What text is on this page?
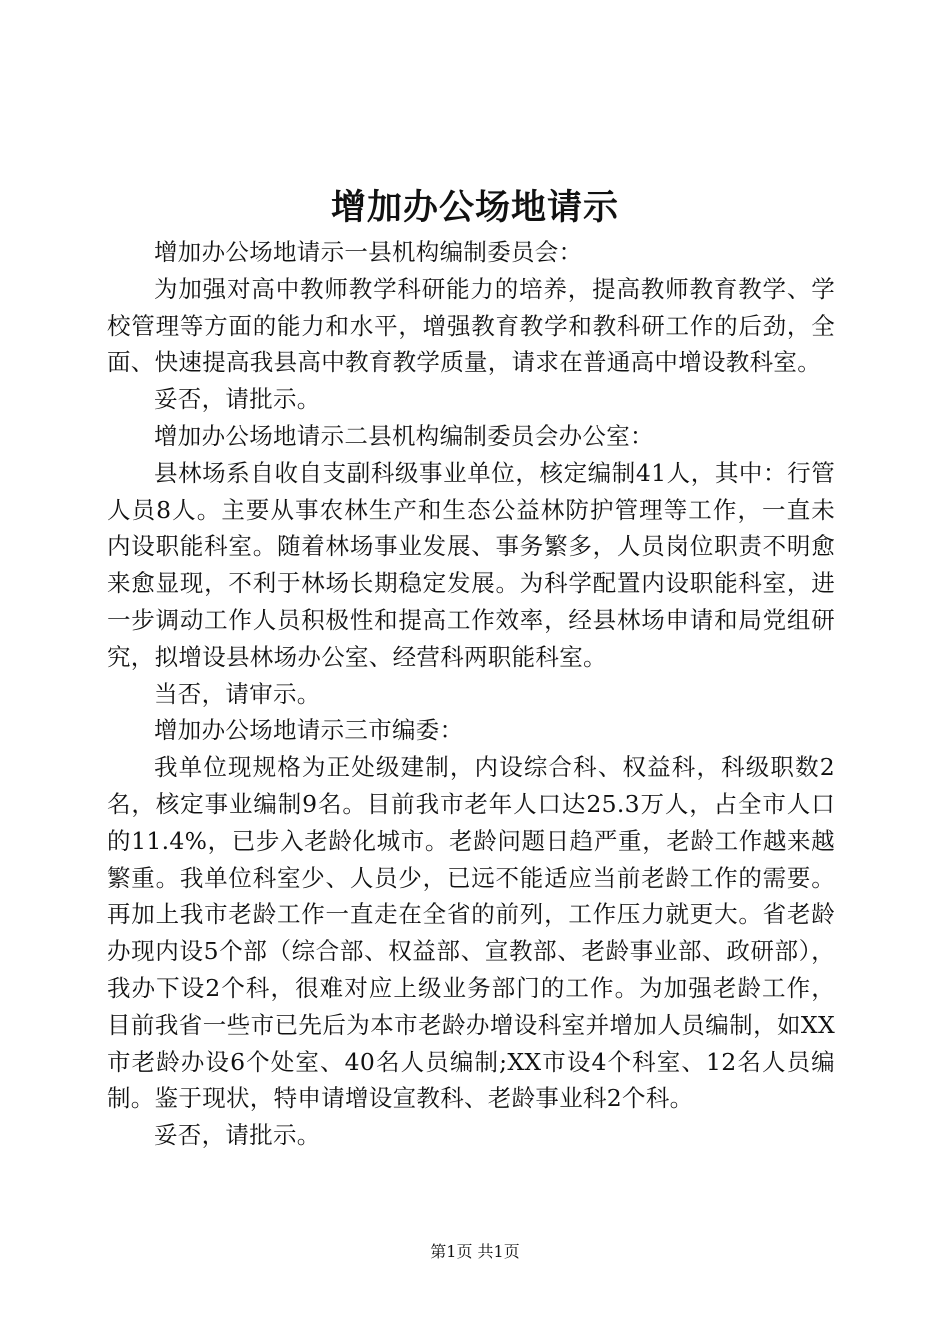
增加办公场地请示

增加办公场地请示一县机构编制委员会：

为加强对高中教师教学科研能力的培养，提高教师教育教学、学校管理等方面的能力和水平，增强教育教学和教科研工作的后劲，全面、快速提高我县高中教育教学质量，请求在普通高中增设教科室。

妥否，请批示。

增加办公场地请示二县机构编制委员会办公室：

县林场系自收自支副科级事业单位，核定编制41人，其中：行管人员8人。主要从事农林生产和生态公益林防护管理等工作，一直未内设职能科室。随着林场事业发展、事务繁多，人员岗位职责不明愈来愈显现，不利于林场长期稳定发展。为科学配置内设职能科室，进一步调动工作人员积极性和提高工作效率，经县林场申请和局党组研究，拟增设县林场办公室、经营科两职能科室。

当否，请审示。

增加办公场地请示三市编委：

我单位现规格为正处级建制，内设综合科、权益科，科级职数2名，核定事业编制9名。目前我市老年人口达25.3万人，占全市人口的11.4%，已步入老龄化城市。老龄问题日趋严重，老龄工作越来越繁重。我单位科室少、人员少，已远不能适应当前老龄工作的需要。再加上我市老龄工作一直走在全省的前列，工作压力就更大。省老龄办现内设5个部（综合部、权益部、宣教部、老龄事业部、政研部），我办下设2个科，很难对应上级业务部门的工作。为加强老龄工作，目前我省一些市已先后为本市老龄办增设科室并增加人员编制，如XX市老龄办设6个处室、40名人员编制;XX市设4个科室、12名人员编制。鉴于现状，特申请增设宣教科、老龄事业科2个科。

妥否，请批示。

第1页 共1页
